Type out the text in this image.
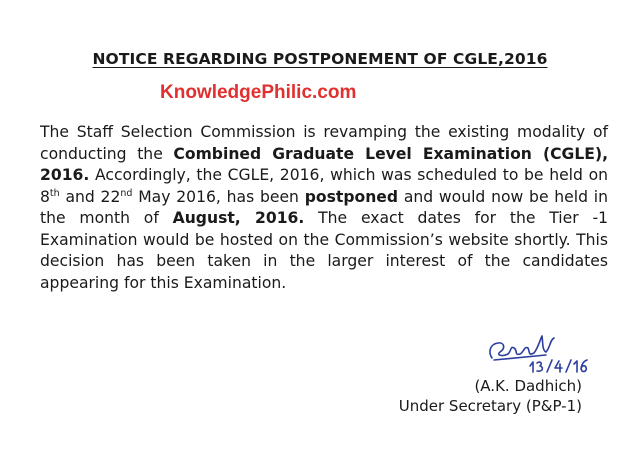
NOTICE REGARDING POSTPONEMENT OF CGLE,2016
KnowledgePhilic.com
The Staff Selection Commission is revamping the existing modality of conducting the Combined Graduate Level Examination (CGLE), 2016. Accordingly, the CGLE, 2016, which was scheduled to be held on 8th and 22nd May 2016, has been postponed and would now be held in the month of August, 2016. The exact dates for the Tier -1 Examination would be hosted on the Commission’s website shortly. This decision has been taken in the larger interest of the candidates appearing for this Examination.
(A.K. Dadhich)
Under Secretary (P&P-1)
